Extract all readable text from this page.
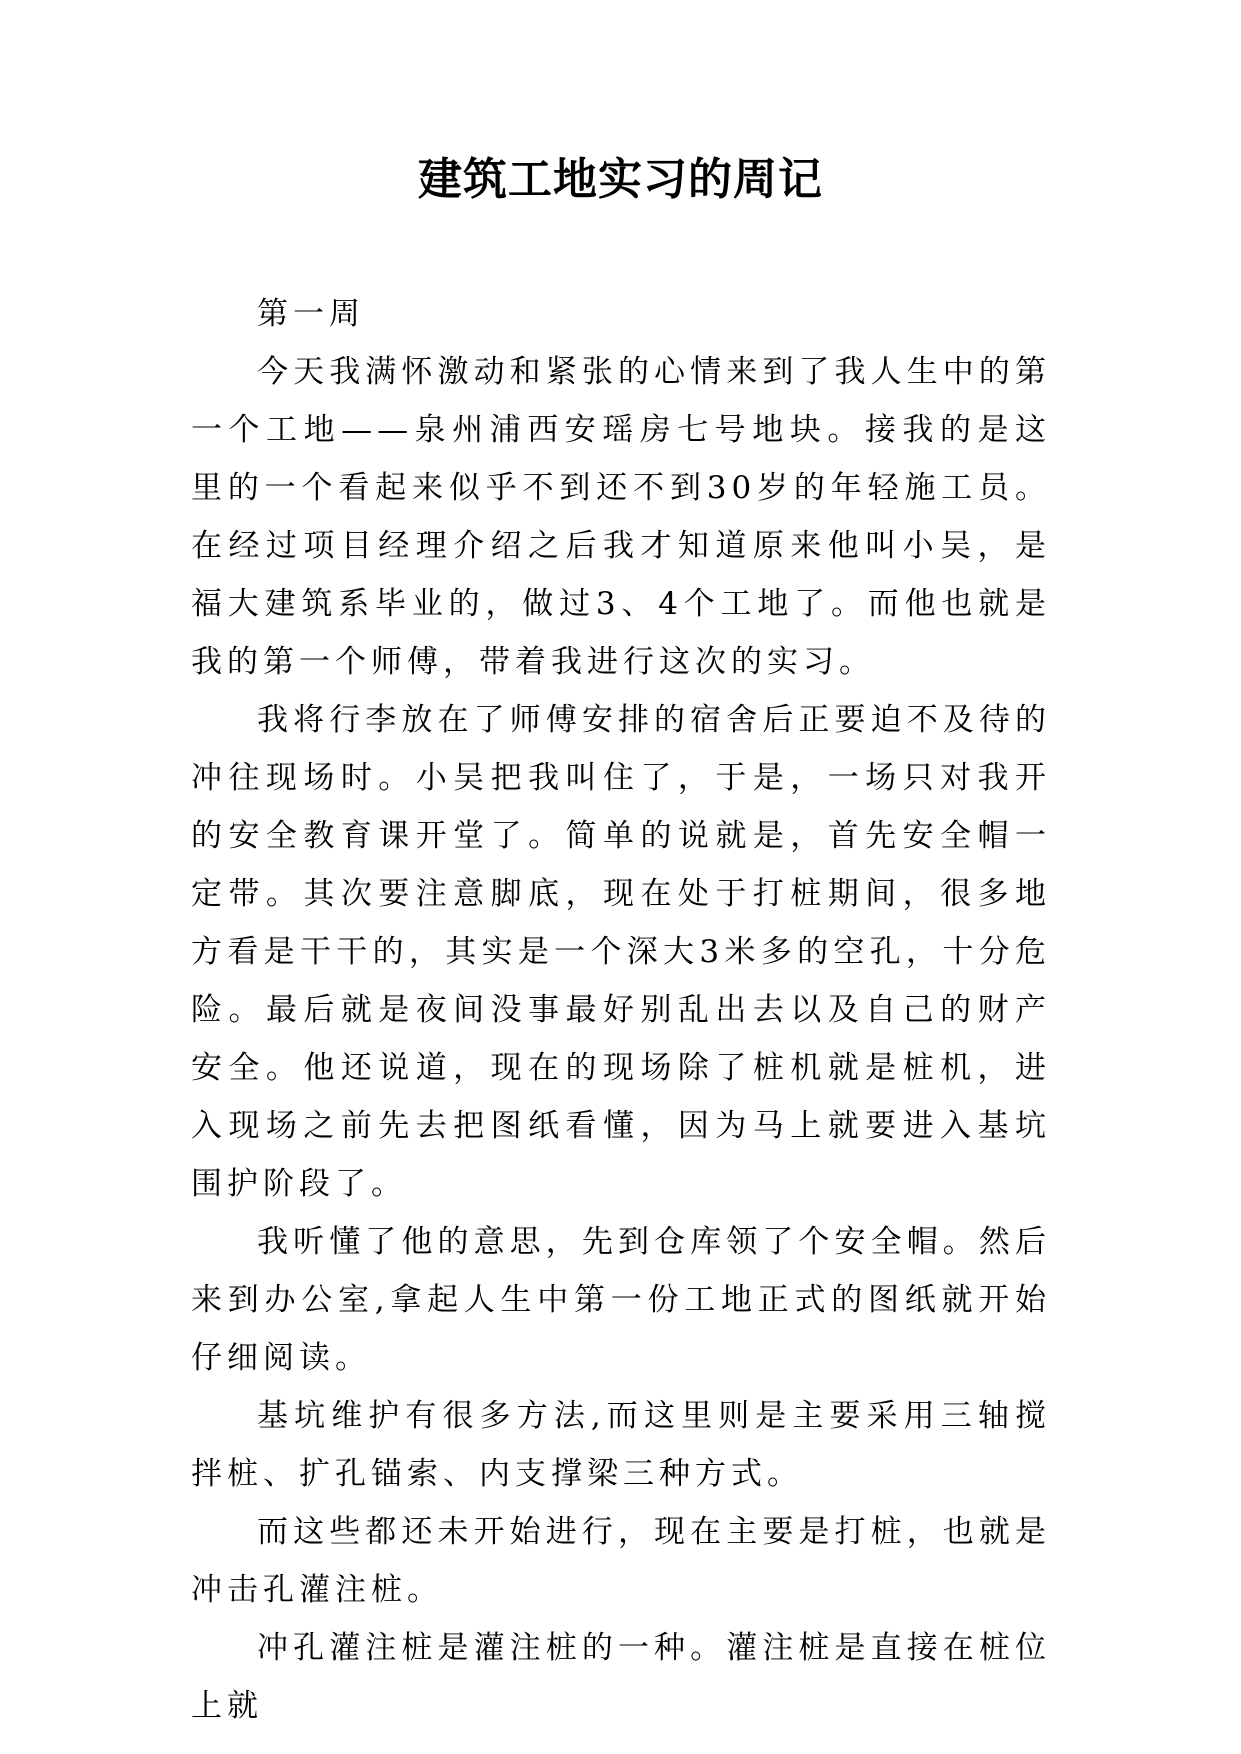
建筑工地实习的周记

第一周

今天我满怀激动和紧张的心情来到了我人生中的第一个工地——泉州浦西安瑶房七号地块。接我的是这里的一个看起来似乎不到还不到30岁的年轻施工员。在经过项目经理介绍之后我才知道原来他叫小吴，是福大建筑系毕业的，做过3、4个工地了。而他也就是我的第一个师傅，带着我进行这次的实习。

我将行李放在了师傅安排的宿舍后正要迫不及待的冲往现场时。小吴把我叫住了，于是，一场只对我开的安全教育课开堂了。简单的说就是，首先安全帽一定带。其次要注意脚底，现在处于打桩期间，很多地方看是干干的，其实是一个深大3米多的空孔，十分危险。最后就是夜间没事最好别乱出去以及自己的财产安全。他还说道，现在的现场除了桩机就是桩机，进入现场之前先去把图纸看懂，因为马上就要进入基坑围护阶段了。

我听懂了他的意思，先到仓库领了个安全帽。然后来到办公室,拿起人生中第一份工地正式的图纸就开始仔细阅读。

基坑维护有很多方法,而这里则是主要采用三轴搅拌桩、扩孔锚索、内支撑梁三种方式。

而这些都还未开始进行，现在主要是打桩，也就是冲击孔灌注桩。

冲孔灌注桩是灌注桩的一种。灌注桩是直接在桩位上就
